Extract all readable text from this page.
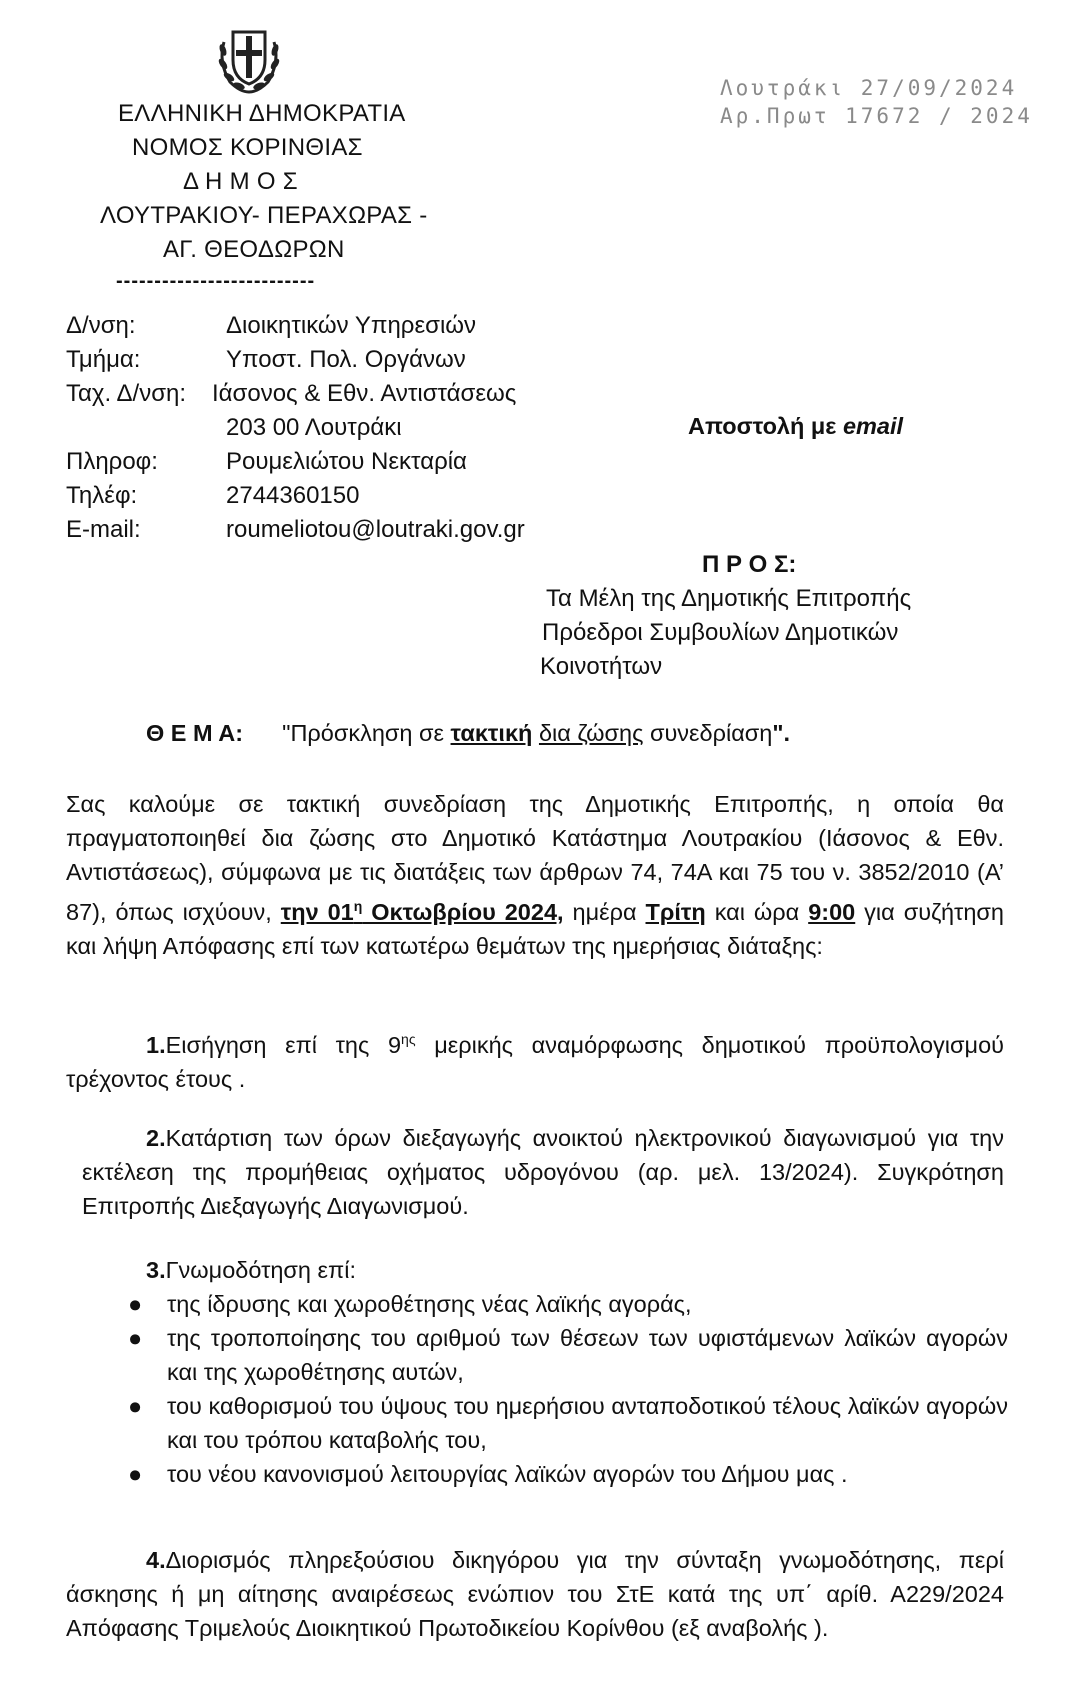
ΕΛΛΗΝΙΚΗ ΔΗΜΟΚΡΑΤΙΑ
ΝΟΜΟΣ ΚΟΡΙΝΘΙΑΣ
Δ Η Μ Ο Σ
ΛΟΥΤΡΑΚΙΟΥ- ΠΕΡΑΧΩΡΑΣ -
ΑΓ. ΘΕΟΔΩΡΩΝ
--------------------------
Λουτράκι 27/09/2024
Αρ.Πρωτ 17672 / 2024
Δ/νση:	Διοικητικών Υπηρεσιών
Τμήμα:	Υποστ. Πολ. Οργάνων
Ταχ. Δ/νση: Ιάσονος & Εθν. Αντιστάσεως
203 00 Λουτράκι
Πληροφ:	Ρουμελιώτου Νεκταρία
Τηλέφ:	2744360150
E-mail:	roumeliotou@loutraki.gov.gr
Αποστολή με email
Π Ρ Ο Σ:
Τα Μέλη της Δημοτικής Επιτροπής
Πρόεδροι Συμβουλίων Δημοτικών
Κοινοτήτων
Θ Ε Μ Α: "Πρόσκληση σε τακτική δια ζώσης συνεδρίαση".
Σας καλούμε σε τακτική συνεδρίαση της Δημοτικής Επιτροπής, η οποία θα πραγματοποιηθεί δια ζώσης στο Δημοτικό Κατάστημα Λουτρακίου (Ιάσονος & Εθν. Αντιστάσεως), σύμφωνα με τις διατάξεις των άρθρων 74, 74Α και 75 του ν. 3852/2010 (Α’ 87), όπως ισχύουν, την $01^\eta$ Οκτωβρίου 2024, ημέρα Τρίτη και ώρα 9:00 για συζήτηση και λήψη Απόφασης επί των κατωτέρω θεμάτων της ημερήσιας διάταξης:
1.Εισήγηση επί της $9^{\eta\varsigma}$ μερικής αναμόρφωσης δημοτικού προϋπολογισμού τρέχοντος έτους .
2.Κατάρτιση των όρων διεξαγωγής ανοικτού ηλεκτρονικού διαγωνισμού για την εκτέλεση της προμήθειας οχήματος υδρογόνου (αρ. μελ. 13/2024). Συγκρότηση Επιτροπής Διεξαγωγής Διαγωνισμού.
3.Γνωμοδότηση επί:
● της ίδρυσης και χωροθέτησης νέας λαϊκής αγοράς,
● της τροποποίησης του αριθμού των θέσεων των υφιστάμενων λαϊκών αγορών και της χωροθέτησης αυτών,
● του καθορισμού του ύψους του ημερήσιου ανταποδοτικού τέλους λαϊκών αγορών και του τρόπου καταβολής του,
● του νέου κανονισμού λειτουργίας λαϊκών αγορών του Δήμου μας .
4.Διορισμός πληρεξούσιου δικηγόρου για την σύνταξη γνωμοδότησης, περί άσκησης ή μη αίτησης αναιρέσεως ενώπιον του ΣτΕ κατά της υπ΄ αρίθ. Α229/2024 Απόφασης Τριμελούς Διοικητικού Πρωτοδικείου Κορίνθου (εξ αναβολής ).
